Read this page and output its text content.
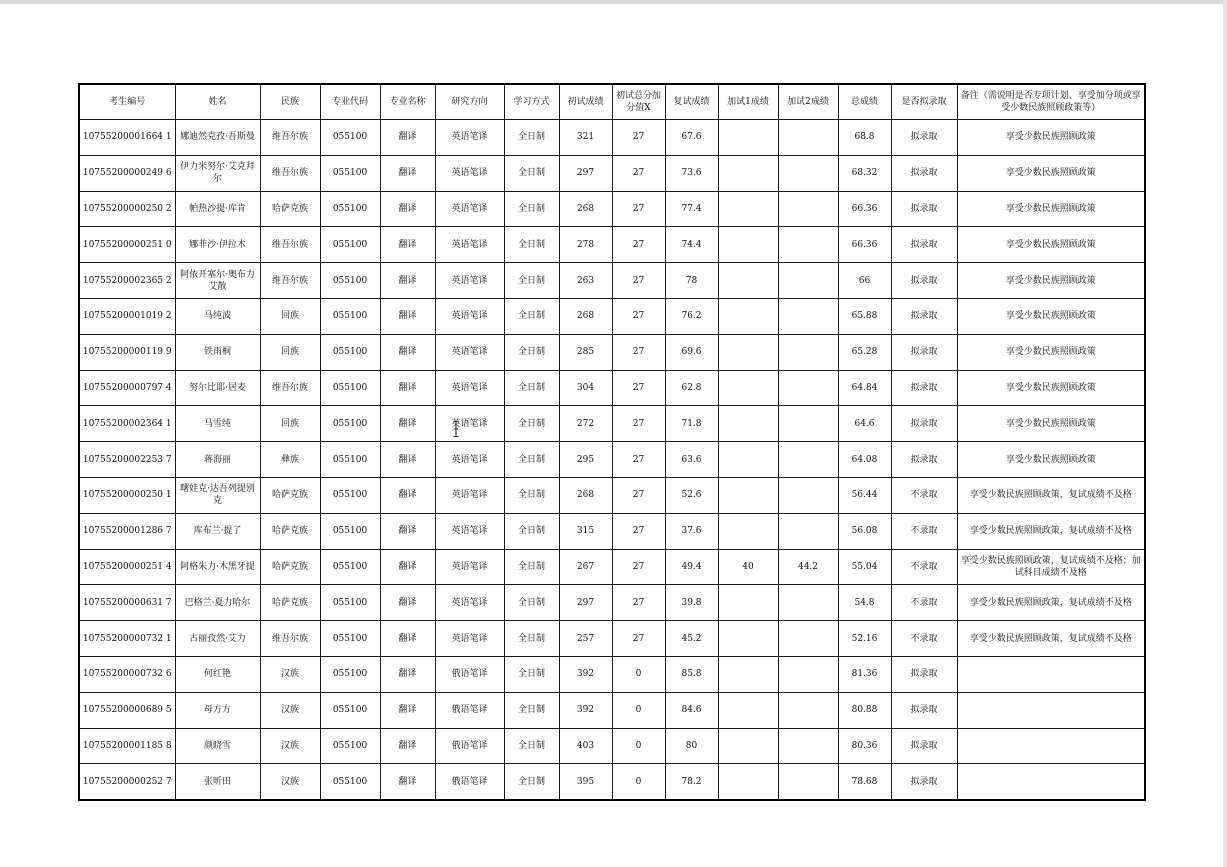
考生编号	姓名	民族	专业代码	专业名称	研究方向	学习方式	初试成绩	初试总分加分值X	复试成绩	加试1成绩	加试2成绩	总成绩	是否拟录取	备注（需说明是否专项计划、享受加分项或享受少数民族照顾政策等）
10755200001664 1	娜迪然克孜·吾斯曼	维吾尔族	055100	翻译	英语笔译	全日制	321	27	67.6			68.8	拟录取	享受少数民族照顾政策
10755200000249 6	伊力米努尔·艾克拜尔	维吾尔族	055100	翻译	英语笔译	全日制	297	27	73.6			68.32	拟录取	享受少数民族照顾政策
10755200000250 2	帕热沙提·库肯	哈萨克族	055100	翻译	英语笔译	全日制	268	27	77.4			66.36	拟录取	享受少数民族照顾政策
10755200000251 0	娜菲沙·伊拉木	维吾尔族	055100	翻译	英语笔译	全日制	278	27	74.4			66.36	拟录取	享受少数民族照顾政策
10755200002365 2	阿依开塞尔·奥布力艾散	维吾尔族	055100	翻译	英语笔译	全日制	263	27	78			66	拟录取	享受少数民族照顾政策
10755200001019 2	马纯波	回族	055100	翻译	英语笔译	全日制	268	27	76.2			65.88	拟录取	享受少数民族照顾政策
10755200000119 9	铁雨桐	回族	055100	翻译	英语笔译	全日制	285	27	69.6			65.28	拟录取	享受少数民族照顾政策
10755200000797 4	努尔比耶·居麦	维吾尔族	055100	翻译	英语笔译	全日制	304	27	62.8			64.84	拟录取	享受少数民族照顾政策
10755200002364 1	马雪纯	回族	055100	翻译	英语笔译	全日制	272	27	71.8			64.6	拟录取	享受少数民族照顾政策
10755200002253 7	蒋海丽	彝族	055100	翻译	英语笔译	全日制	295	27	63.6			64.08	拟录取	享受少数民族照顾政策
10755200000250 1	曙娃克·达吾列提别克	哈萨克族	055100	翻译	英语笔译	全日制	268	27	52.6			56.44	不录取	享受少数民族照顾政策，复试成绩不及格
10755200001286 7	库布兰·提了	哈萨克族	055100	翻译	英语笔译	全日制	315	27	37.6			56.08	不录取	享受少数民族照顾政策，复试成绩不及格
10755200000251 4	阿格朱力·木黑牙提	哈萨克族	055100	翻译	英语笔译	全日制	267	27	49.4	40	44.2	55.04	不录取	享受少数民族照顾政策，复试成绩不及格；加试科目成绩不及格
10755200000631 7	巴格兰·夏力哈尔	哈萨克族	055100	翻译	英语笔译	全日制	297	27	39.8			54.8	不录取	享受少数民族照顾政策，复试成绩不及格
10755200000732 1	古丽孜然·艾力	维吾尔族	055100	翻译	英语笔译	全日制	257	27	45.2			52.16	不录取	享受少数民族照顾政策，复试成绩不及格
10755200000732 6	何红艳	汉族	055100	翻译	俄语笔译	全日制	392	0	85.8			81.36	拟录取	
10755200000689 5	母方方	汉族	055100	翻译	俄语笔译	全日制	392	0	84.6			80.88	拟录取	
10755200001185 8	颜晓雪	汉族	055100	翻译	俄语笔译	全日制	403	0	80			80.36	拟录取	
10755200000252 7	张昕田	汉族	055100	翻译	俄语笔译	全日制	395	0	78.2			78.68	拟录取	
